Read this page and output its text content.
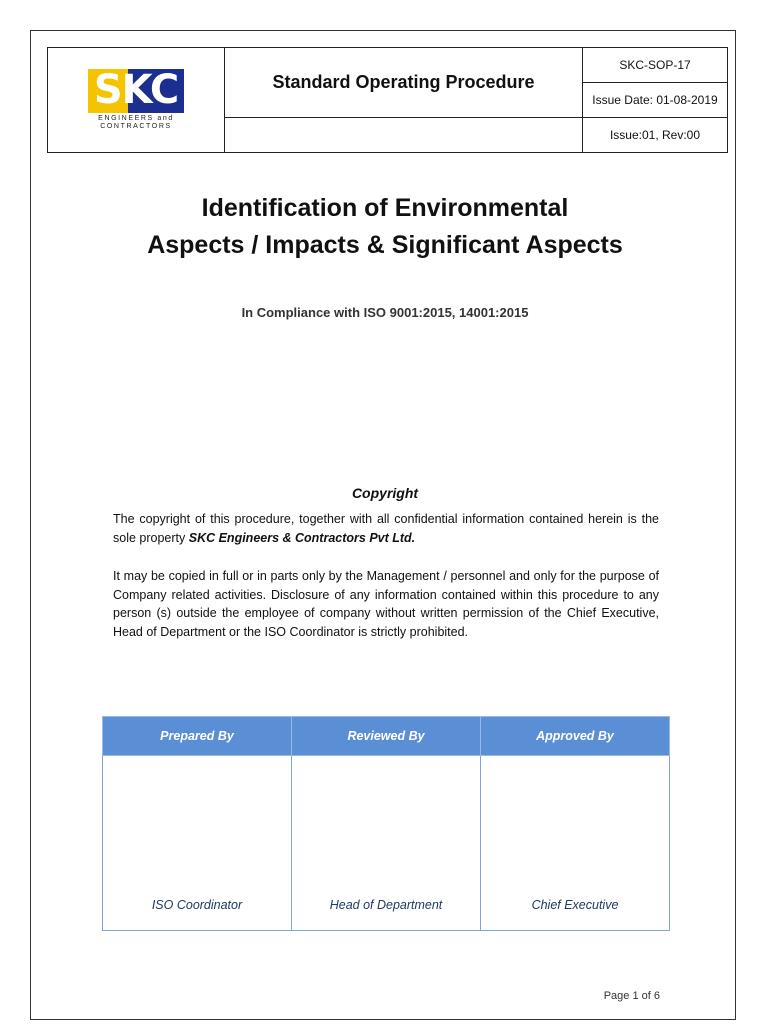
SKC
ENGINEERS and
CONTRACTORS	Standard Operating Procedure	SKC-SOP-17
		Issue Date: 01-08-2019
		Issue:01, Rev:00
Identification of Environmental
Aspects / Impacts & Significant Aspects
In Compliance with ISO 9001:2015, 14001:2015
Copyright
The copyright of this procedure, together with all confidential information contained herein is the sole property SKC Engineers & Contractors Pvt Ltd.
It may be copied in full or in parts only by the Management / personnel and only for the purpose of Company related activities. Disclosure of any information contained within this procedure to any person (s) outside the employee of company without written permission of the Chief Executive, Head of Department or the ISO Coordinator is strictly prohibited.
Prepared By	Reviewed By	Approved By
ISO Coordinator	Head of Department	Chief Executive
Page 1 of 6
